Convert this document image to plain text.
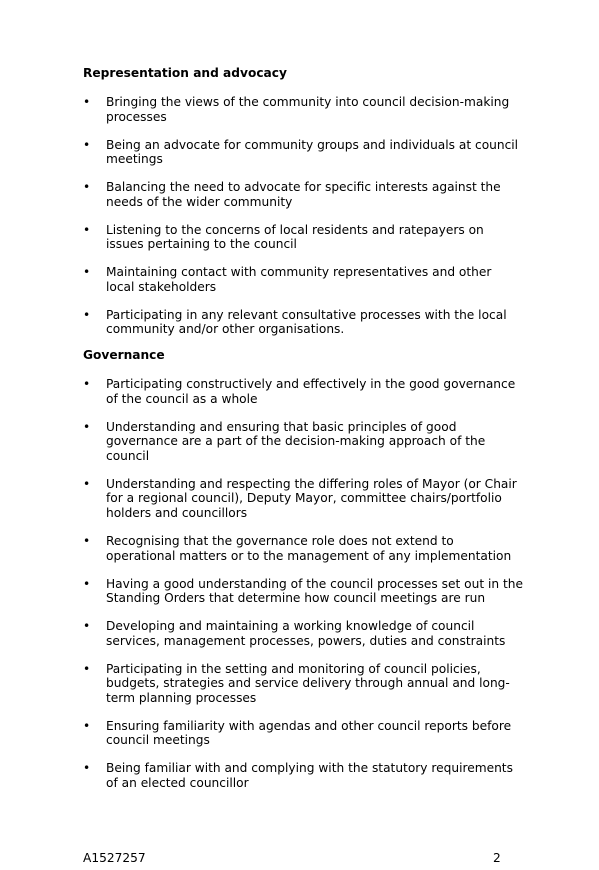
Representation and advocacy
• Bringing the views of the community into council decision-making processes
• Being an advocate for community groups and individuals at council meetings
• Balancing the need to advocate for specific interests against the needs of the wider community
• Listening to the concerns of local residents and ratepayers on issues pertaining to the council
• Maintaining contact with community representatives and other local stakeholders
• Participating in any relevant consultative processes with the local community and/or other organisations.
Governance
• Participating constructively and effectively in the good governance of the council as a whole
• Understanding and ensuring that basic principles of good governance are a part of the decision-making approach of the council
• Understanding and respecting the differing roles of Mayor (or Chair for a regional council), Deputy Mayor, committee chairs/portfolio holders and councillors
• Recognising that the governance role does not extend to operational matters or to the management of any implementation
• Having a good understanding of the council processes set out in the Standing Orders that determine how council meetings are run
• Developing and maintaining a working knowledge of council services, management processes, powers, duties and constraints
• Participating in the setting and monitoring of council policies, budgets, strategies and service delivery through annual and long-term planning processes
• Ensuring familiarity with agendas and other council reports before council meetings
• Being familiar with and complying with the statutory requirements of an elected councillor
A1527257	2
